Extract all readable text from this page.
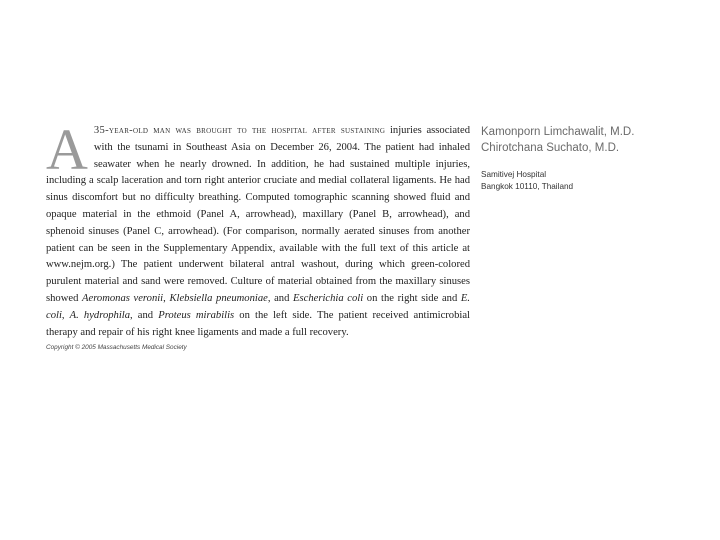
A 35-year-old man was brought to the hospital after sustaining injuries associated with the tsunami in Southeast Asia on December 26, 2004. The patient had inhaled seawater when he nearly drowned. In addition, he had sustained multiple injuries, including a scalp laceration and torn right anterior cruciate and medial collateral ligaments. He had sinus discomfort but no difficulty breathing. Computed tomographic scanning showed fluid and opaque material in the ethmoid (Panel A, arrowhead), maxillary (Panel B, arrowhead), and sphenoid sinuses (Panel C, arrowhead). (For comparison, normally aerated sinuses from another patient can be seen in the Supplementary Appendix, available with the full text of this article at www.nejm.org.) The patient underwent bilateral antral washout, during which green-colored purulent material and sand were removed. Culture of material obtained from the maxillary sinuses showed Aeromonas veronii, Klebsiella pneumoniae, and Escherichia coli on the right side and E. coli, A. hydrophila, and Proteus mirabilis on the left side. The patient received antimicrobial therapy and repair of his right knee ligaments and made a full recovery.

Copyright © 2005 Massachusetts Medical Society

Kamonporn Limchawalit, M.D.

Chirotchana Suchato, M.D.

Samitivej Hospital

Bangkok 10110, Thailand
